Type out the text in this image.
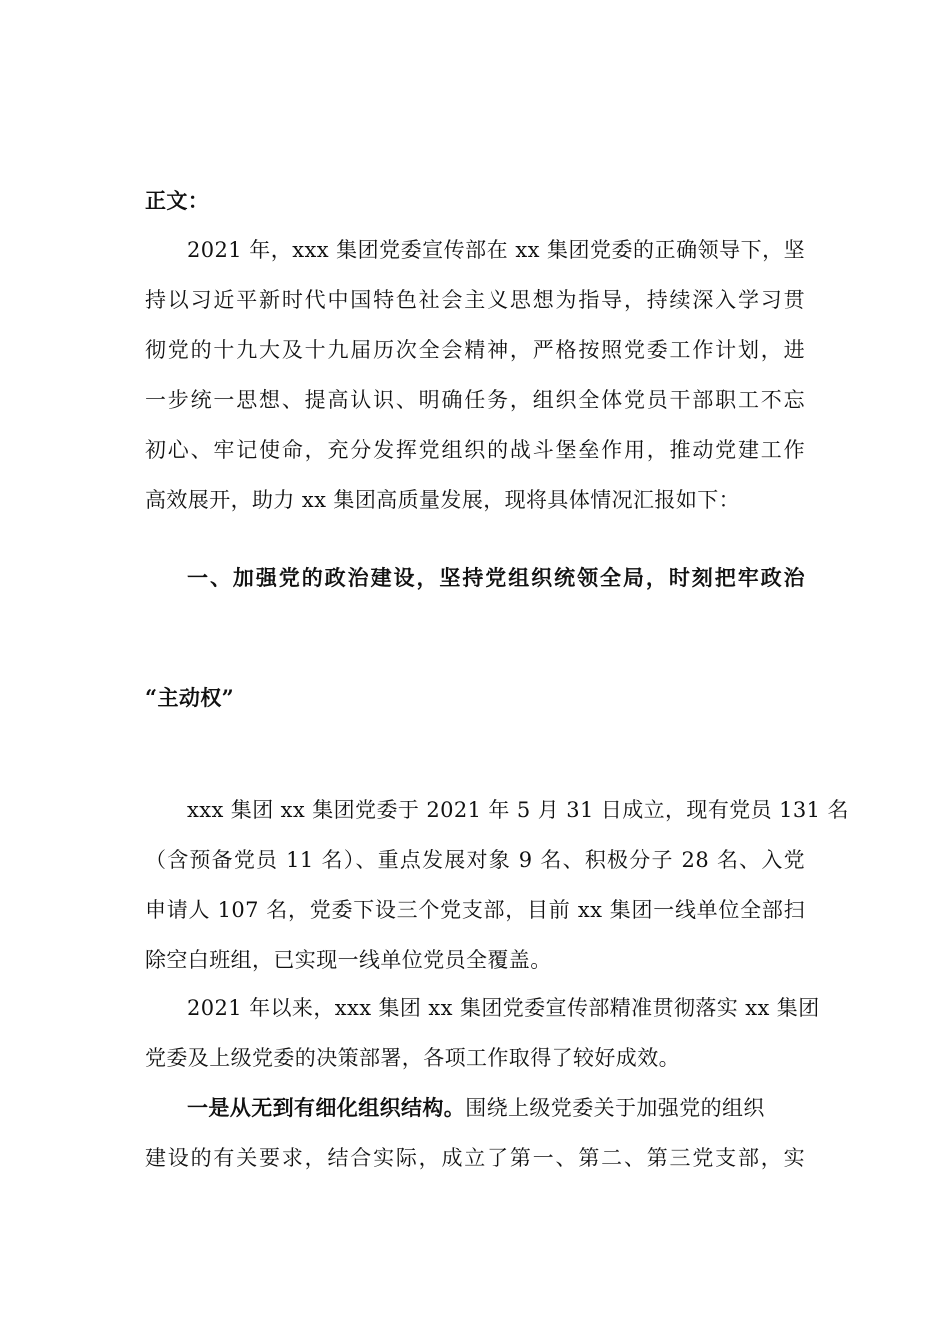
正文：
2021 年，xxx 集团党委宣传部在 xx 集团党委的正确领导下，坚
持以习近平新时代中国特色社会主义思想为指导，持续深入学习贯
彻党的十九大及十九届历次全会精神，严格按照党委工作计划，进
一步统一思想、提高认识、明确任务，组织全体党员干部职工不忘
初心、牢记使命，充分发挥党组织的战斗堡垒作用，推动党建工作
高效展开，助力 xx 集团高质量发展，现将具体情况汇报如下：
一、加强党的政治建设，坚持党组织统领全局，时刻把牢政治
“主动权”
xxx 集团 xx 集团党委于 2021 年 5 月 31 日成立，现有党员 131 名
（含预备党员 11 名）、重点发展对象 9 名、积极分子 28 名、入党
申请人 107 名，党委下设三个党支部，目前 xx 集团一线单位全部扫
除空白班组，已实现一线单位党员全覆盖。
2021 年以来，xxx 集团 xx 集团党委宣传部精准贯彻落实 xx 集团
党委及上级党委的决策部署，各项工作取得了较好成效。
一是从无到有细化组织结构。围绕上级党委关于加强党的组织
建设的有关要求，结合实际，成立了第一、第二、第三党支部，实
